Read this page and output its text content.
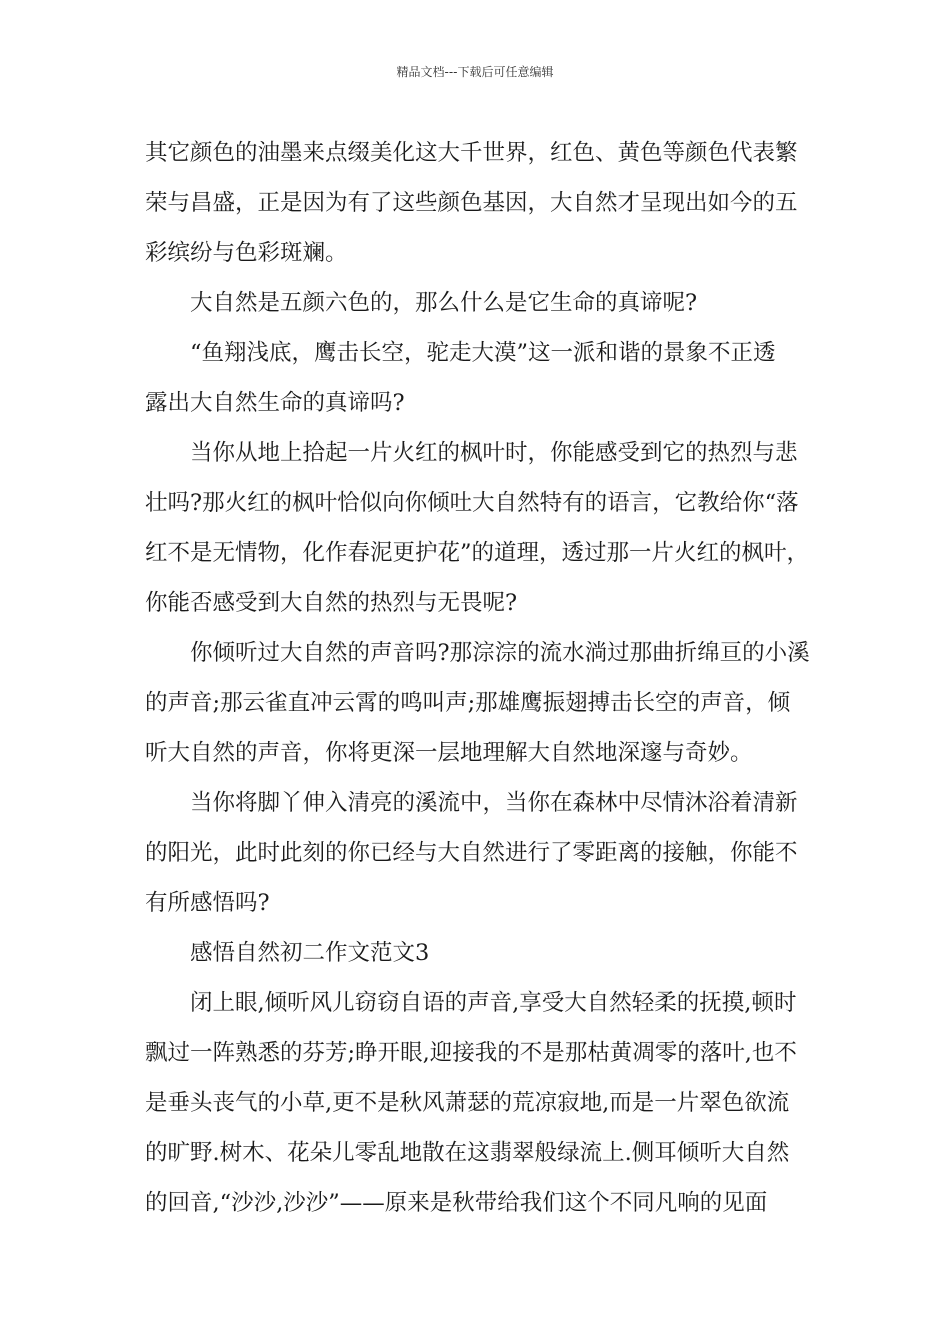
精品文档---下载后可任意编辑
其它颜色的油墨来点缀美化这大千世界，红色、黄色等颜色代表繁
荣与昌盛，正是因为有了这些颜色基因，大自然才呈现出如今的五
彩缤纷与色彩斑斓。
　　大自然是五颜六色的，那么什么是它生命的真谛呢?
　　“鱼翔浅底，鹰击长空，驼走大漠”这一派和谐的景象不正透
露出大自然生命的真谛吗?
　　当你从地上拾起一片火红的枫叶时，你能感受到它的热烈与悲
壮吗?那火红的枫叶恰似向你倾吐大自然特有的语言，它教给你“落
红不是无情物，化作春泥更护花”的道理，透过那一片火红的枫叶，
你能否感受到大自然的热烈与无畏呢?
　　你倾听过大自然的声音吗?那淙淙的流水淌过那曲折绵亘的小溪
的声音;那云雀直冲云霄的鸣叫声;那雄鹰振翅搏击长空的声音，倾
听大自然的声音，你将更深一层地理解大自然地深邃与奇妙。
　　当你将脚丫伸入清亮的溪流中，当你在森林中尽情沐浴着清新
的阳光，此时此刻的你已经与大自然进行了零距离的接触，你能不
有所感悟吗?
　　感悟自然初二作文范文3
　　闭上眼,倾听风儿窃窃自语的声音,享受大自然轻柔的抚摸,顿时
飘过一阵熟悉的芬芳;睁开眼,迎接我的不是那枯黄凋零的落叶,也不
是垂头丧气的小草,更不是秋风萧瑟的荒凉寂地,而是一片翠色欲流
的旷野.树木、花朵儿零乱地散在这翡翠般绿流上.侧耳倾听大自然
的回音,“沙沙,沙沙”——原来是秋带给我们这个不同凡响的见面
